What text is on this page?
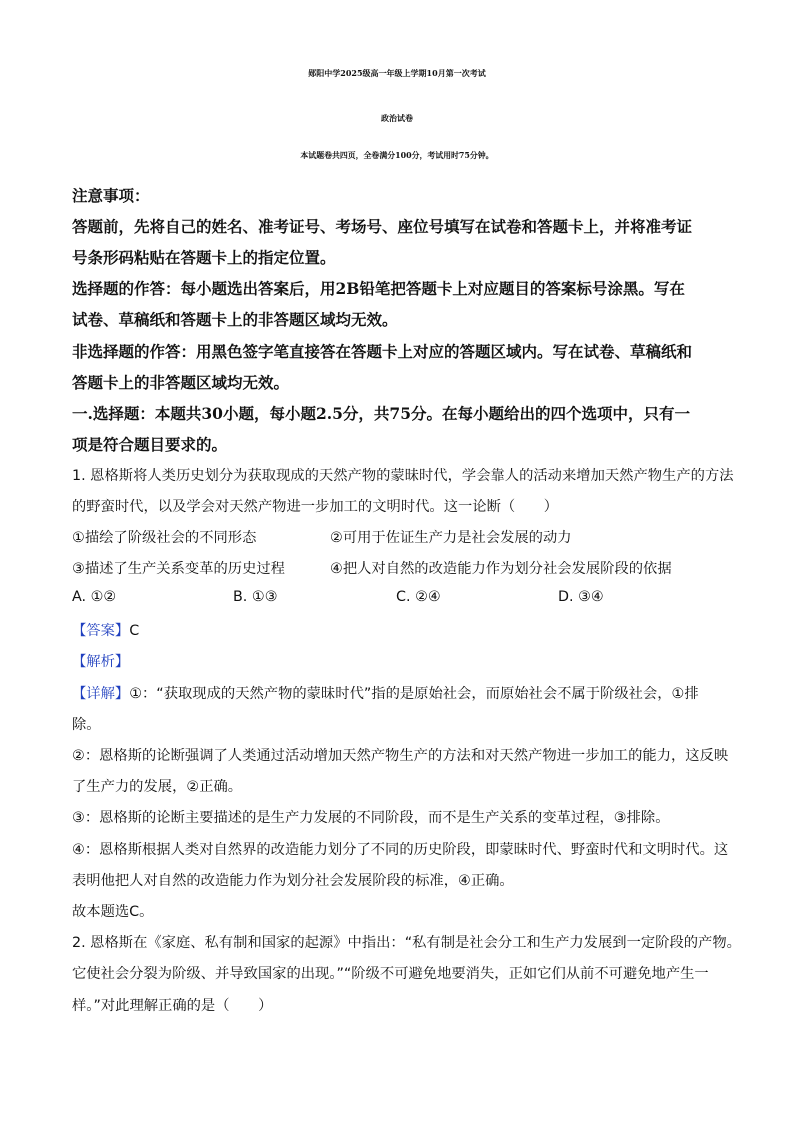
郧阳中学2025级高一年级上学期10月第一次考试
政治试卷
本试题卷共四页，全卷满分100分，考试用时75分钟。
注意事项：
答题前，先将自己的姓名、准考证号、考场号、座位号填写在试卷和答题卡上，并将准考证
号条形码粘贴在答题卡上的指定位置。
选择题的作答：每小题选出答案后，用2B铅笔把答题卡上对应题目的答案标号涂黑。写在
试卷、草稿纸和答题卡上的非答题区域均无效。
非选择题的作答：用黑色签字笔直接答在答题卡上对应的答题区域内。写在试卷、草稿纸和
答题卡上的非答题区域均无效。
一.选择题：本题共30小题，每小题2.5分，共75分。在每小题给出的四个选项中，只有一
项是符合题目要求的。
1. 恩格斯将人类历史划分为获取现成的天然产物的蒙昧时代，学会靠人的活动来增加天然产物生产的方法
的野蛮时代，以及学会对天然产物进一步加工的文明时代。这一论断（　　）
①描绘了阶级社会的不同形态	②可用于佐证生产力是社会发展的动力
③描述了生产关系变革的历史过程	④把人对自然的改造能力作为划分社会发展阶段的依据
A. ①②	B. ①③	C. ②④	D. ③④
【答案】C
【解析】
【详解】①：“获取现成的天然产物的蒙昧时代”指的是原始社会，而原始社会不属于阶级社会，①排
除。
②：恩格斯的论断强调了人类通过活动增加天然产物生产的方法和对天然产物进一步加工的能力，这反映
了生产力的发展，②正确。
③：恩格斯的论断主要描述的是生产力发展的不同阶段，而不是生产关系的变革过程，③排除。
④：恩格斯根据人类对自然界的改造能力划分了不同的历史阶段，即蒙昧时代、野蛮时代和文明时代。这
表明他把人对自然的改造能力作为划分社会发展阶段的标准，④正确。
故本题选C。
2. 恩格斯在《家庭、私有制和国家的起源》中指出：“私有制是社会分工和生产力发展到一定阶段的产物。
它使社会分裂为阶级、并导致国家的出现。”“阶级不可避免地要消失，正如它们从前不可避免地产生一
样。”对此理解正确的是（　　）
